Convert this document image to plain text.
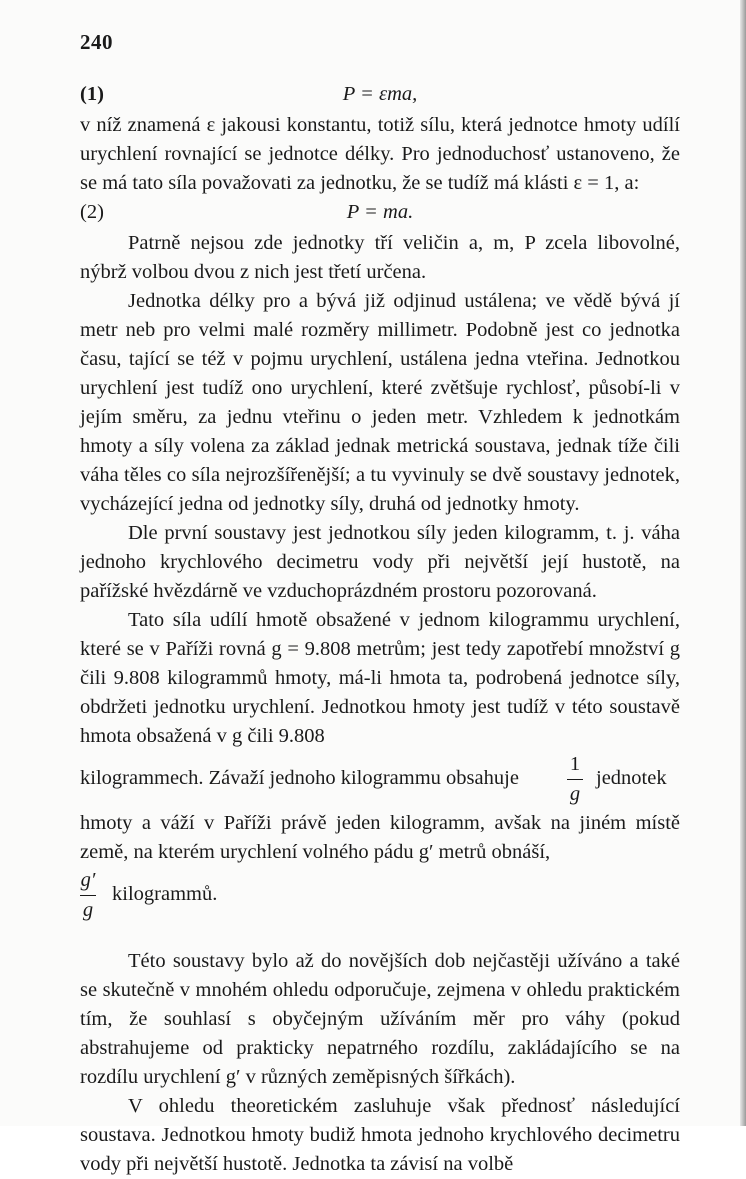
240
(1)	P = εma,

v níž znamená ε jakousi konstantu, totiž sílu, která jednotce hmoty udílí urychlení rovnající se jednotce délky. Pro jednoduchosť ustanoveno, že se má tato síla považovati za jednotku, že se tudíž má klásti ε = 1, a:

(2)	P = ma.

Patrně nejsou zde jednotky tří veličin a, m, P zcela libovolné, nýbrž volbou dvou z nich jest třetí určena.

Jednotka délky pro a bývá již odjinud ustálena; ve vědě bývá jí metr neb pro velmi malé rozměry millimetr. Podobně jest co jednotka času, tající se též v pojmu urychlení, ustálena jedna vteřina. Jednotkou urychlení jest tudíž ono urychlení, které zvětšuje rychlosť, působí-li v jejím směru, za jednu vteřinu o jeden metr. Vzhledem k jednotkám hmoty a síly volena za základ jednak metrická soustava, jednak tíže čili váha těles co síla nejrozšířenější; a tu vyvinuly se dvě soustavy jednotek, vycházející jedna od jednotky síly, druhá od jednotky hmoty.

Dle první soustavy jest jednotkou síly jeden kilogramm, t. j. váha jednoho krychlového decimetru vody při největší její hustotě, na pařížské hvězdárně ve vzduchoprázdném prostoru pozorovaná.

Tato síla udílí hmotě obsažené v jednom kilogrammu urychlení, které se v Paříži rovná g = 9.808 metrům; jest tedy zapotřebí množství g čili 9.808 kilogrammů hmoty, má-li hmota ta, podrobená jednotce síly, obdržeti jednotku urychlení. Jednotkou hmoty jest tudíž v této soustavě hmota obsažená v g čili 9.808

kilogrammech. Závaží jednoho kilogrammu obsahuje
1
g
jednotek

hmoty a váží v Paříži právě jeden kilogramm, avšak na jiném místě země, na kterém urychlení volného pádu g′ metrů obnáší,

g′
g
kilogrammů.

Této soustavy bylo až do novějších dob nejčastěji užíváno a také se skutečně v mnohém ohledu odporučuje, zejmena v ohledu praktickém tím, že souhlasí s obyčejným užíváním měr pro váhy (pokud abstrahujeme od prakticky nepatrného rozdílu, zakládajícího se na rozdílu urychlení g′ v různých zeměpisných šířkách).

V ohledu theoretickém zasluhuje však přednosť následující soustava. Jednotkou hmoty budiž hmota jednoho krychlového decimetru vody při největší hustotě. Jednotka ta závisí na volbě
